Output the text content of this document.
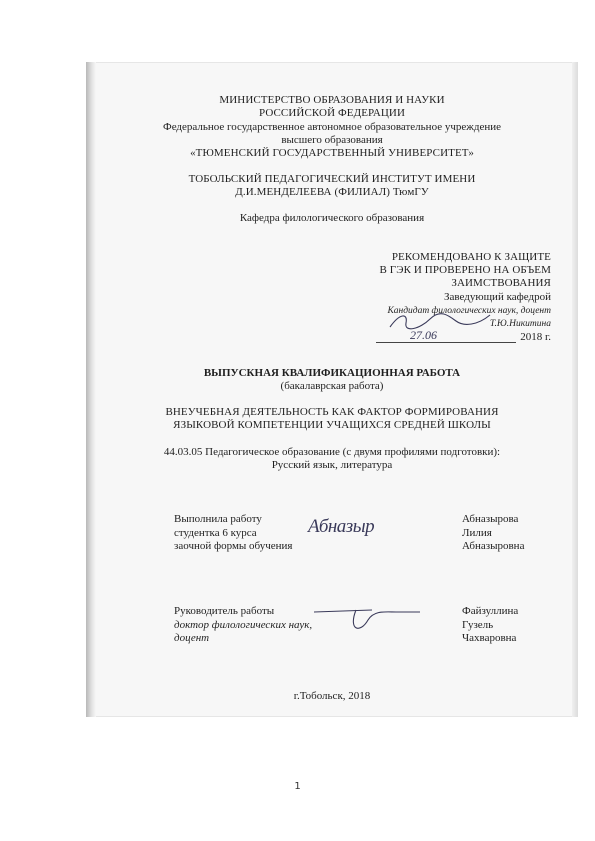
МИНИСТЕРСТВО ОБРАЗОВАНИЯ И НАУКИ
РОССИЙСКОЙ ФЕДЕРАЦИИ
Федеральное государственное автономное образовательное учреждение
высшего образования
«ТЮМЕНСКИЙ ГОСУДАРСТВЕННЫЙ УНИВЕРСИТЕТ»
ТОБОЛЬСКИЙ ПЕДАГОГИЧЕСКИЙ ИНСТИТУТ ИМЕНИ
Д.И.МЕНДЕЛЕЕВА (ФИЛИАЛ) ТюмГУ
Кафедра филологического образования
РЕКОМЕНДОВАНО К ЗАЩИТЕ
В ГЭК И ПРОВЕРЕНО НА ОБЪЕМ
ЗАИМСТВОВАНИЯ
Заведующий кафедрой
Кандидат филологических наук, доцент
Т.Ю.Никитина
27.06	2018 г.
ВЫПУСКНАЯ КВАЛИФИКАЦИОННАЯ РАБОТА
(бакалаврская работа)
ВНЕУЧЕБНАЯ ДЕЯТЕЛЬНОСТЬ КАК ФАКТОР ФОРМИРОВАНИЯ
ЯЗЫКОВОЙ КОМПЕТЕНЦИИ УЧАЩИХСЯ СРЕДНЕЙ ШКОЛЫ
44.03.05 Педагогическое образование (с двумя профилями подготовки):
Русский язык, литература
Выполнила работу
студентка 6 курса
заочной формы обучения
Абназыр	Абназырова
Лилия
Абназыровна
Руководитель работы
доктор филологических наук,
доцент
Файзуллина
Гузель
Чахваровна
г.Тобольск, 2018
1
